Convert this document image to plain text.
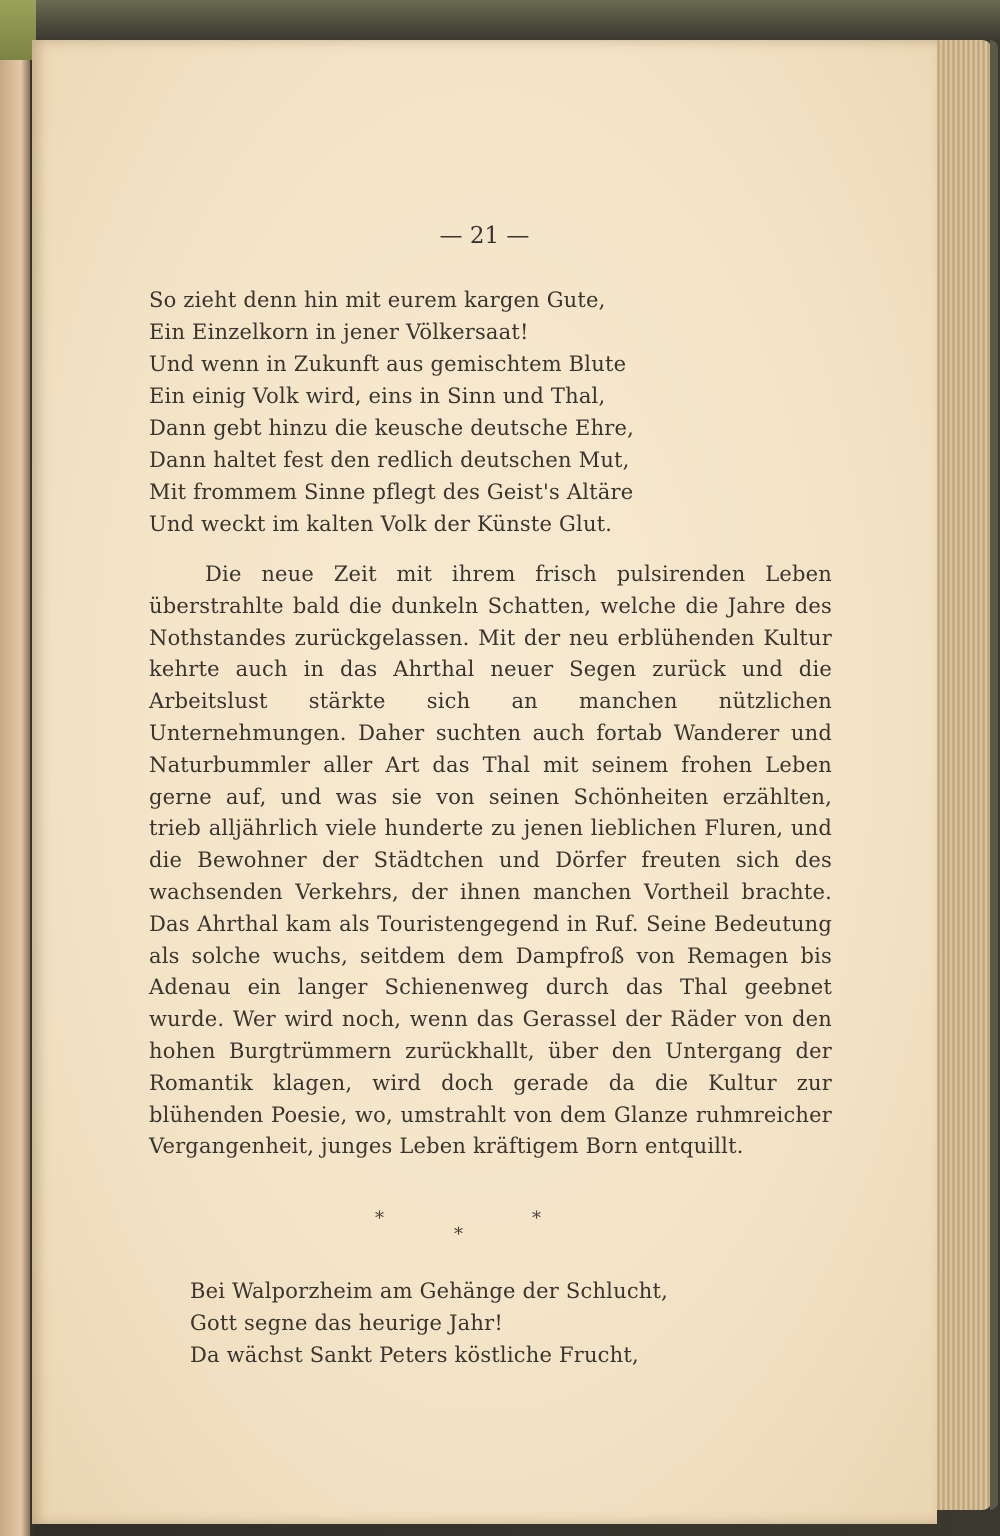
— 21 —
So zieht denn hin mit eurem kargen Gute,
Ein Einzelkorn in jener Völkersaat!
Und wenn in Zukunft aus gemischtem Blute
Ein einig Volk wird, eins in Sinn und Thal,
Dann gebt hinzu die keusche deutsche Ehre,
Dann haltet fest den redlich deutschen Mut,
Mit frommem Sinne pflegt des Geist's Altäre
Und weckt im kalten Volk der Künste Glut.

Die neue Zeit mit ihrem frisch pulsirenden Leben überstrahlte bald die dunkeln Schatten, welche die Jahre des Nothstandes zurückgelassen. Mit der neu erblühenden Kultur kehrte auch in das Ahrthal neuer Segen zurück und die Arbeitslust stärkte sich an manchen nützlichen Unternehmungen. Daher suchten auch fortab Wanderer und Naturbummler aller Art das Thal mit seinem frohen Leben gerne auf, und was sie von seinen Schönheiten erzählten, trieb alljährlich viele hunderte zu jenen lieblichen Fluren, und die Bewohner der Städtchen und Dörfer freuten sich des wachsenden Verkehrs, der ihnen manchen Vortheil brachte. Das Ahrthal kam als Touristengegend in Ruf. Seine Bedeutung als solche wuchs, seitdem dem Dampfroß von Remagen bis Adenau ein langer Schienenweg durch das Thal geebnet wurde. Wer wird noch, wenn das Gerassel der Räder von den hohen Burgtrümmern zurückhallt, über den Untergang der Romantik klagen, wird doch gerade da die Kultur zur blühenden Poesie, wo, umstrahlt von dem Glanze ruhmreicher Vergangenheit, junges Leben kräftigem Born entquillt.

*
*
*
Bei Walporzheim am Gehänge der Schlucht,
Gott segne das heurige Jahr!
Da wächst Sankt Peters köstliche Frucht,
